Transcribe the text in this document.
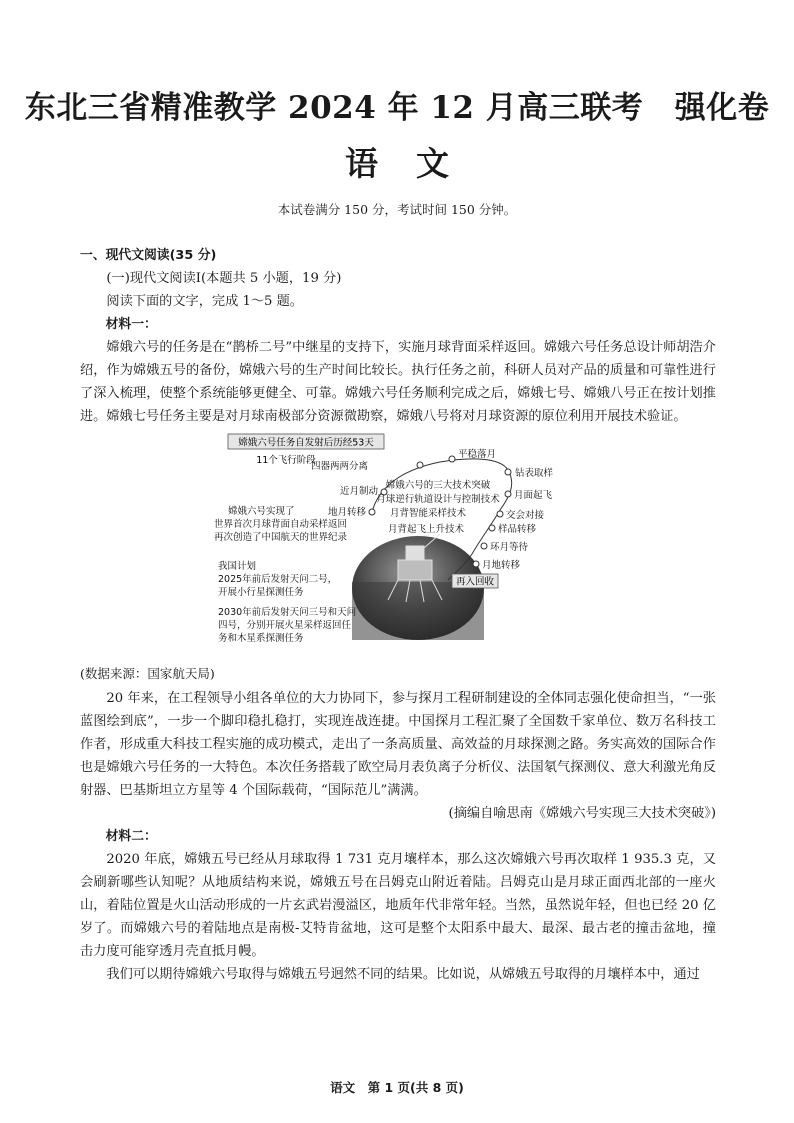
东北三省精准教学 2024 年 12 月高三联考　强化卷
语文
本试卷满分 150 分，考试时间 150 分钟。

一、现代文阅读(35 分)

(一)现代文阅读Ⅰ(本题共 5 小题，19 分)

阅读下面的文字，完成 1～5 题。

材料一：

嫦娥六号的任务是在“鹊桥二号”中继星的支持下，实施月球背面采样返回。嫦娥六号任务总设计师胡浩介绍，作为嫦娥五号的备份，嫦娥六号的生产时间比较长。执行任务之前，科研人员对产品的质量和可靠性进行了深入梳理，使整个系统能够更健全、可靠。嫦娥六号任务顺利完成之后，嫦娥七号、嫦娥八号正在按计划推进。嫦娥七号任务主要是对月球南极部分资源微勘察，嫦娥八号将对月球资源的原位利用开展技术验证。

嫦娥六号任务自发射后历经53天
11个飞行阶段
四器两两分离
平稳落月
钻表取样
近月制动	月面起飞
地月转移	交会对接
样品转移
环月等待
月地转移
再入回收
嫦娥六号的三大技术突破
月球逆行轨道设计与控制技术
月背智能采样技术
月背起飞上升技术
嫦娥六号实现了
世界首次月球背面自动采样返回
再次创造了中国航天的世界纪录
我国计划
2025年前后发射天问二号，
开展小行星探测任务
2030年前后发射天问三号和天问
四号，分别开展火星采样返回任
务和木星系探测任务

(数据来源：国家航天局)

20 年来，在工程领导小组各单位的大力协同下，参与探月工程研制建设的全体同志强化使命担当，“一张蓝图绘到底”，一步一个脚印稳扎稳打，实现连战连捷。中国探月工程汇聚了全国数千家单位、数万名科技工作者，形成重大科技工程实施的成功模式，走出了一条高质量、高效益的月球探测之路。务实高效的国际合作也是嫦娥六号任务的一大特色。本次任务搭载了欧空局月表负离子分析仪、法国氡气探测仪、意大利激光角反射器、巴基斯坦立方星等 4 个国际载荷，“国际范儿”满满。

(摘编自喻思南《嫦娥六号实现三大技术突破》)

材料二：

2020 年底，嫦娥五号已经从月球取得 1 731 克月壤样本，那么这次嫦娥六号再次取样 1 935.3 克，又会刷新哪些认知呢？从地质结构来说，嫦娥五号在吕姆克山附近着陆。吕姆克山是月球正面西北部的一座火山，着陆位置是火山活动形成的一片玄武岩漫溢区，地质年代非常年轻。当然，虽然说年轻，但也已经 20 亿岁了。而嫦娥六号的着陆地点是南极-艾特肯盆地，这可是整个太阳系中最大、最深、最古老的撞击盆地，撞击力度可能穿透月壳直抵月幔。

我们可以期待嫦娥六号取得与嫦娥五号迥然不同的结果。比如说，从嫦娥五号取得的月壤样本中，通过

语文　第 1 页(共 8 页)
